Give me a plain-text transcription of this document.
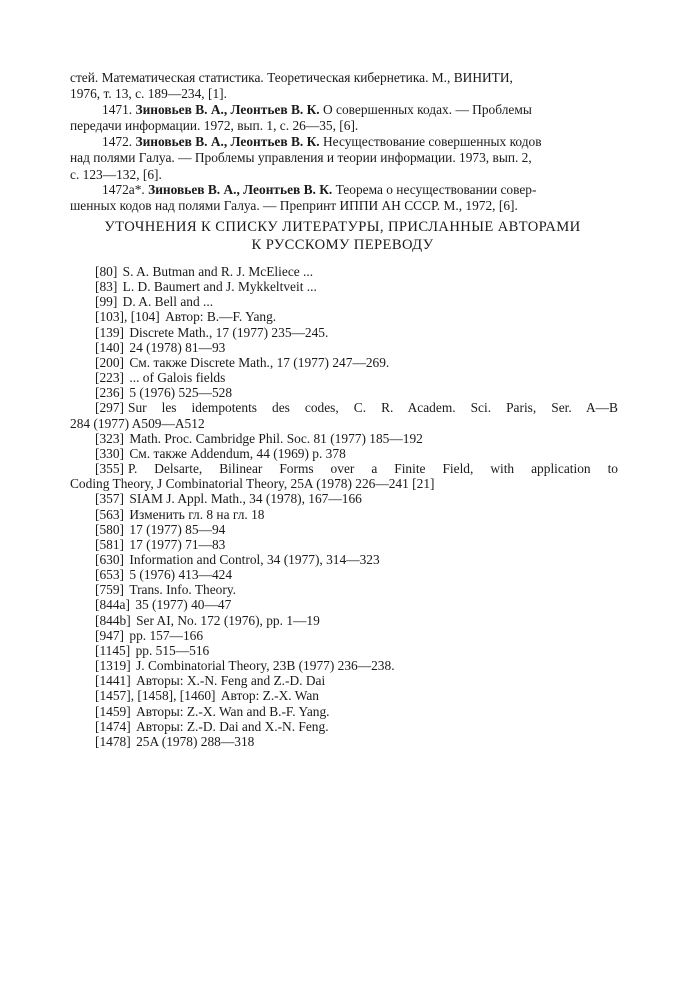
стей. Математическая статистика. Теоретическая кибернетика. М., ВИНИТИ,
1976, т. 13, с. 189—234, [1].
1471. Зиновьев В. А., Леонтьев В. К. О совершенных кодах. — Проблемы
передачи информации. 1972, вып. 1, с. 26—35, [6].
1472. Зиновьев В. А., Леонтьев В. К. Несуществование совершенных кодов
над полями Галуа. — Проблемы управления и теории информации. 1973, вып. 2,
с. 123—132, [6].
1472а*. Зиновьев В. А., Леонтьев В. К. Теорема о несуществовании совер-
шенных кодов над полями Галуа. — Препринт ИППИ АН СССР. М., 1972, [6].
УТОЧНЕНИЯ К СПИСКУ ЛИТЕРАТУРЫ, ПРИСЛАННЫЕ АВТОРАМИ
К РУССКОМУ ПЕРЕВОДУ
[80] S. A. Butman and R. J. McEliece ...
[83] L. D. Baumert and J. Mykkeltveit ...
[99] D. A. Bell and ...
[103], [104] Автор: B.—F. Yang.
[139] Discrete Math., 17 (1977) 235—245.
[140] 24 (1978) 81—93
[200] См. также Discrete Math., 17 (1977) 247—269.
[223] ... of Galois fields
[236] 5 (1976) 525—528
[297] Sur les idempotents des codes, C. R. Academ. Sci. Paris, Ser. A—B
284 (1977) A509—A512
[323] Math. Proc. Cambridge Phil. Soc. 81 (1977) 185—192
[330] См. также Addendum, 44 (1969) p. 378
[355] P. Delsarte, Bilinear Forms over a Finite Field, with application to
Coding Theory, J Combinatorial Theory, 25A (1978) 226—241 [21]
[357] SIAM J. Appl. Math., 34 (1978), 167—166
[563] Изменить гл. 8 на гл. 18
[580] 17 (1977) 85—94
[581] 17 (1977) 71—83
[630] Information and Control, 34 (1977), 314—323
[653] 5 (1976) 413—424
[759] Trans. Info. Theory.
[844a] 35 (1977) 40—47
[844b] Ser AI, No. 172 (1976), pp. 1—19
[947] pp. 157—166
[1145] pp. 515—516
[1319] J. Combinatorial Theory, 23B (1977) 236—238.
[1441] Авторы: X.-N. Feng and Z.-D. Dai
[1457], [1458], [1460] Автор: Z.-X. Wan
[1459] Авторы: Z.-X. Wan and B.-F. Yang.
[1474] Авторы: Z.-D. Dai and X.-N. Feng.
[1478] 25A (1978) 288—318
